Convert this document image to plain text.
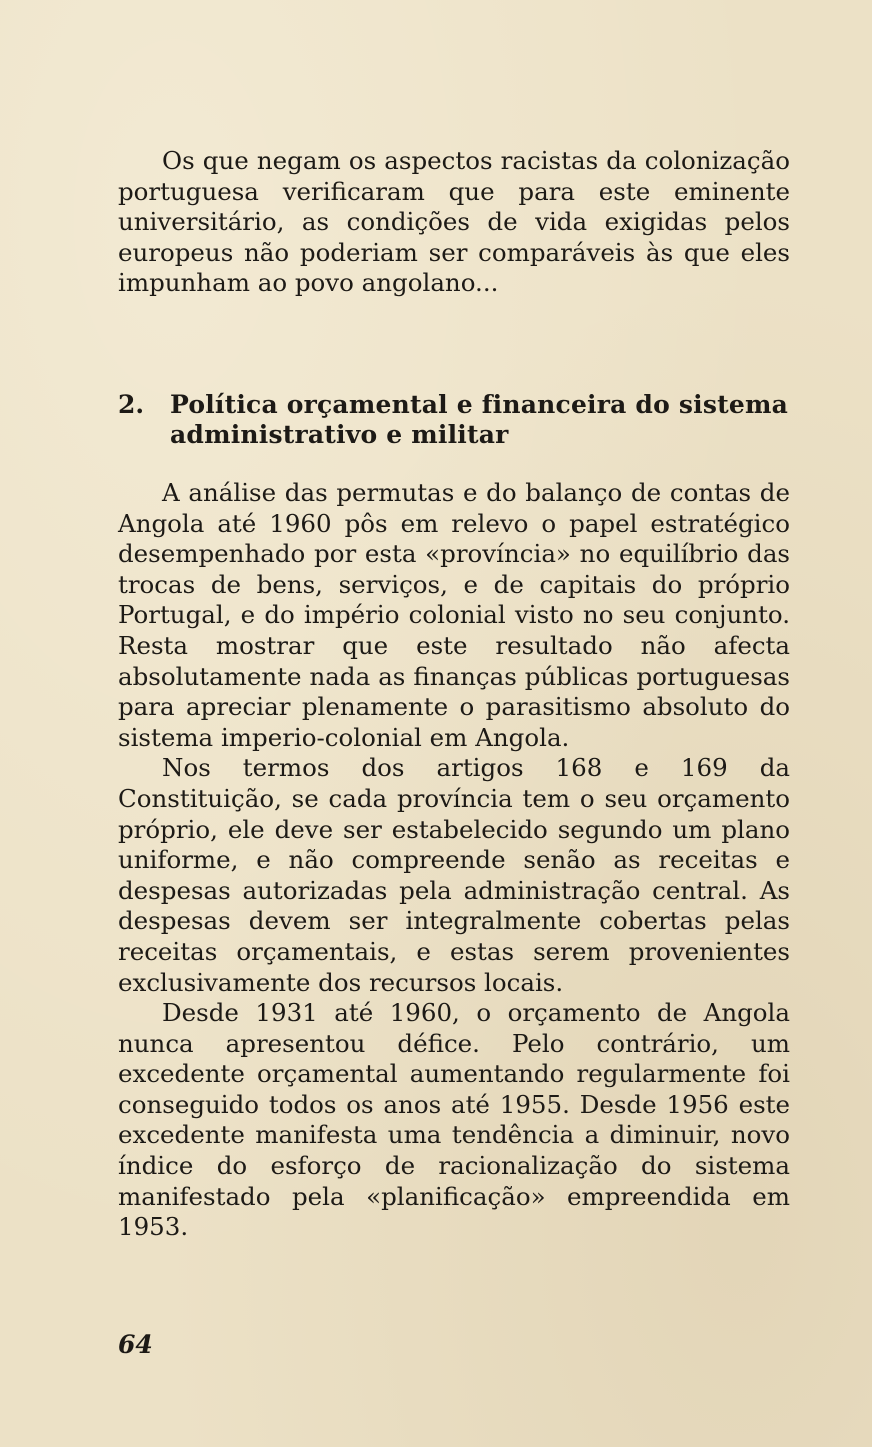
Os que negam os aspectos racistas da colonização portuguesa verificaram que para este eminente universitário, as condições de vida exigidas pelos europeus não poderiam ser comparáveis às que eles impunham ao povo angolano...

2. Política orçamental e financeira do sistema administrativo e militar

A análise das permutas e do balanço de contas de Angola até 1960 pôs em relevo o papel estratégico desempenhado por esta «província» no equilíbrio das trocas de bens, serviços, e de capitais do próprio Portugal, e do império colonial visto no seu conjunto. Resta mostrar que este resultado não afecta absolutamente nada as finanças públicas portuguesas para apreciar plenamente o parasitismo absoluto do sistema imperio-colonial em Angola.

Nos termos dos artigos 168 e 169 da Constituição, se cada província tem o seu orçamento próprio, ele deve ser estabelecido segundo um plano uniforme, e não compreende senão as receitas e despesas autorizadas pela administração central. As despesas devem ser integralmente cobertas pelas receitas orçamentais, e estas serem provenientes exclusivamente dos recursos locais.

Desde 1931 até 1960, o orçamento de Angola nunca apresentou défice. Pelo contrário, um excedente orçamental aumentando regularmente foi conseguido todos os anos até 1955. Desde 1956 este excedente manifesta uma tendência a diminuir, novo índice do esforço de racionalização do sistema manifestado pela «planificação» empreendida em 1953.

64
